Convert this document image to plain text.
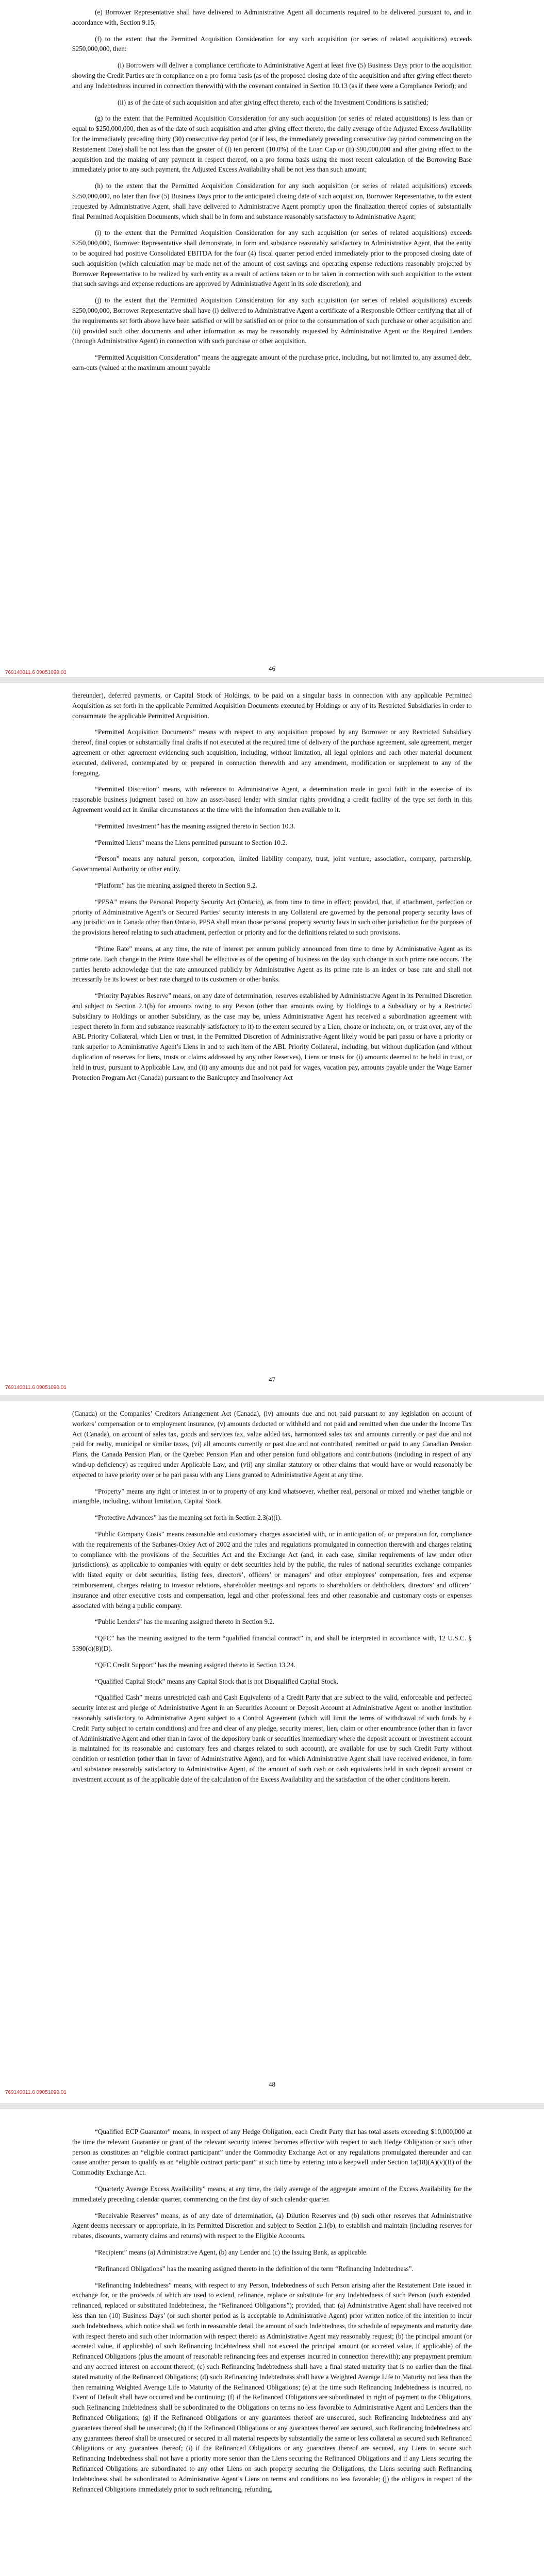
(e) Borrower Representative shall have delivered to Administrative Agent all documents required to be delivered pursuant to, and in accordance with, Section 9.15;

(f) to the extent that the Permitted Acquisition Consideration for any such acquisition (or series of related acquisitions) exceeds $250,000,000, then:

(i) Borrowers will deliver a compliance certificate to Administrative Agent at least five (5) Business Days prior to the acquisition showing the Credit Parties are in compliance on a pro forma basis (as of the proposed closing date of the acquisition and after giving effect thereto and any Indebtedness incurred in connection therewith) with the covenant contained in Section 10.13 (as if there were a Compliance Period); and

(ii) as of the date of such acquisition and after giving effect thereto, each of the Investment Conditions is satisfied;

(g) to the extent that the Permitted Acquisition Consideration for any such acquisition (or series of related acquisitions) is less than or equal to $250,000,000, then as of the date of such acquisition and after giving effect thereto, the daily average of the Adjusted Excess Availability for the immediately preceding thirty (30) consecutive day period (or if less, the immediately preceding consecutive day period commencing on the Restatement Date) shall be not less than the greater of (i) ten percent (10.0%) of the Loan Cap or (ii) $90,000,000 and after giving effect to the acquisition and the making of any payment in respect thereof, on a pro forma basis using the most recent calculation of the Borrowing Base immediately prior to any such payment, the Adjusted Excess Availability shall be not less than such amount;

(h) to the extent that the Permitted Acquisition Consideration for any such acquisition (or series of related acquisitions) exceeds $250,000,000, no later than five (5) Business Days prior to the anticipated closing date of such acquisition, Borrower Representative, to the extent requested by Administrative Agent, shall have delivered to Administrative Agent promptly upon the finalization thereof copies of substantially final Permitted Acquisition Documents, which shall be in form and substance reasonably satisfactory to Administrative Agent;

(i) to the extent that the Permitted Acquisition Consideration for any such acquisition (or series of related acquisitions) exceeds $250,000,000, Borrower Representative shall demonstrate, in form and substance reasonably satisfactory to Administrative Agent, that the entity to be acquired had positive Consolidated EBITDA for the four (4) fiscal quarter period ended immediately prior to the proposed closing date of such acquisition (which calculation may be made net of the amount of cost savings and operating expense reductions reasonably projected by Borrower Representative to be realized by such entity as a result of actions taken or to be taken in connection with such acquisition to the extent that such savings and expense reductions are approved by Administrative Agent in its sole discretion); and

(j) to the extent that the Permitted Acquisition Consideration for any such acquisition (or series of related acquisitions) exceeds $250,000,000, Borrower Representative shall have (i) delivered to Administrative Agent a certificate of a Responsible Officer certifying that all of the requirements set forth above have been satisfied or will be satisfied on or prior to the consummation of such purchase or other acquisition and (ii) provided such other documents and other information as may be reasonably requested by Administrative Agent or the Required Lenders (through Administrative Agent) in connection with such purchase or other acquisition.

“Permitted Acquisition Consideration” means the aggregate amount of the purchase price, including, but not limited to, any assumed debt, earn-outs (valued at the maximum amount payable

46
769140011.6 09051090.01

thereunder), deferred payments, or Capital Stock of Holdings, to be paid on a singular basis in connection with any applicable Permitted Acquisition as set forth in the applicable Permitted Acquisition Documents executed by Holdings or any of its Restricted Subsidiaries in order to consummate the applicable Permitted Acquisition.

“Permitted Acquisition Documents” means with respect to any acquisition proposed by any Borrower or any Restricted Subsidiary thereof, final copies or substantially final drafts if not executed at the required time of delivery of the purchase agreement, sale agreement, merger agreement or other agreement evidencing such acquisition, including, without limitation, all legal opinions and each other material document executed, delivered, contemplated by or prepared in connection therewith and any amendment, modification or supplement to any of the foregoing.

“Permitted Discretion” means, with reference to Administrative Agent, a determination made in good faith in the exercise of its reasonable business judgment based on how an asset-based lender with similar rights providing a credit facility of the type set forth in this Agreement would act in similar circumstances at the time with the information then available to it.

“Permitted Investment” has the meaning assigned thereto in Section 10.3.

“Permitted Liens” means the Liens permitted pursuant to Section 10.2.

“Person” means any natural person, corporation, limited liability company, trust, joint venture, association, company, partnership, Governmental Authority or other entity.

“Platform” has the meaning assigned thereto in Section 9.2.

“PPSA” means the Personal Property Security Act (Ontario), as from time to time in effect; provided, that, if attachment, perfection or priority of Administrative Agent’s or Secured Parties’ security interests in any Collateral are governed by the personal property security laws of any jurisdiction in Canada other than Ontario, PPSA shall mean those personal property security laws in such other jurisdiction for the purposes of the provisions hereof relating to such attachment, perfection or priority and for the definitions related to such provisions.

“Prime Rate” means, at any time, the rate of interest per annum publicly announced from time to time by Administrative Agent as its prime rate. Each change in the Prime Rate shall be effective as of the opening of business on the day such change in such prime rate occurs. The parties hereto acknowledge that the rate announced publicly by Administrative Agent as its prime rate is an index or base rate and shall not necessarily be its lowest or best rate charged to its customers or other banks.

“Priority Payables Reserve” means, on any date of determination, reserves established by Administrative Agent in its Permitted Discretion and subject to Section 2.1(b) for amounts owing to any Person (other than amounts owing by Holdings to a Subsidiary or by a Restricted Subsidiary to Holdings or another Subsidiary, as the case may be, unless Administrative Agent has received a subordination agreement with respect thereto in form and substance reasonably satisfactory to it) to the extent secured by a Lien, choate or inchoate, on, or trust over, any of the ABL Priority Collateral, which Lien or trust, in the Permitted Discretion of Administrative Agent likely would be pari passu or have a priority or rank superior to Administrative Agent’s Liens in and to such item of the ABL Priority Collateral, including, but without duplication (and without duplication of reserves for liens, trusts or claims addressed by any other Reserves), Liens or trusts for (i) amounts deemed to be held in trust, or held in trust, pursuant to Applicable Law, and (ii) any amounts due and not paid for wages, vacation pay, amounts payable under the Wage Earner Protection Program Act (Canada) pursuant to the Bankruptcy and Insolvency Act

47
769140011.6 09051090.01

(Canada) or the Companies’ Creditors Arrangement Act (Canada), (iv) amounts due and not paid pursuant to any legislation on account of workers’ compensation or to employment insurance, (v) amounts deducted or withheld and not paid and remitted when due under the Income Tax Act (Canada), on account of sales tax, goods and services tax, value added tax, harmonized sales tax and amounts currently or past due and not paid for realty, municipal or similar taxes, (vi) all amounts currently or past due and not contributed, remitted or paid to any Canadian Pension Plans, the Canada Pension Plan, or the Quebec Pension Plan and other pension fund obligations and contributions (including in respect of any wind-up deficiency) as required under Applicable Law, and (vii) any similar statutory or other claims that would have or would reasonably be expected to have priority over or be pari passu with any Liens granted to Administrative Agent at any time.

“Property” means any right or interest in or to property of any kind whatsoever, whether real, personal or mixed and whether tangible or intangible, including, without limitation, Capital Stock.

“Protective Advances” has the meaning set forth in Section 2.3(a)(i).

“Public Company Costs” means reasonable and customary charges associated with, or in anticipation of, or preparation for, compliance with the requirements of the Sarbanes-Oxley Act of 2002 and the rules and regulations promulgated in connection therewith and charges relating to compliance with the provisions of the Securities Act and the Exchange Act (and, in each case, similar requirements of law under other jurisdictions), as applicable to companies with equity or debt securities held by the public, the rules of national securities exchange companies with listed equity or debt securities, listing fees, directors’, officers’ or managers’ and other employees’ compensation, fees and expense reimbursement, charges relating to investor relations, shareholder meetings and reports to shareholders or debtholders, directors’ and officers’ insurance and other executive costs and compensation, legal and other professional fees and other reasonable and customary costs or expenses associated with being a public company.

“Public Lenders” has the meaning assigned thereto in Section 9.2.

“QFC” has the meaning assigned to the term “qualified financial contract” in, and shall be interpreted in accordance with, 12 U.S.C. § 5390(c)(8)(D).

“QFC Credit Support” has the meaning assigned thereto in Section 13.24.

“Qualified Capital Stock” means any Capital Stock that is not Disqualified Capital Stock.

“Qualified Cash” means unrestricted cash and Cash Equivalents of a Credit Party that are subject to the valid, enforceable and perfected security interest and pledge of Administrative Agent in an Securities Account or Deposit Account at Administrative Agent or another institution reasonably satisfactory to Administrative Agent subject to a Control Agreement (which will limit the terms of withdrawal of such funds by a Credit Party subject to certain conditions) and free and clear of any pledge, security interest, lien, claim or other encumbrance (other than in favor of Administrative Agent and other than in favor of the depository bank or securities intermediary where the deposit account or investment account is maintained for its reasonable and customary fees and charges related to such account), are available for use by such Credit Party without condition or restriction (other than in favor of Administrative Agent), and for which Administrative Agent shall have received evidence, in form and substance reasonably satisfactory to Administrative Agent, of the amount of such cash or cash equivalents held in such deposit account or investment account as of the applicable date of the calculation of the Excess Availability and the satisfaction of the other conditions herein.

48
769140011.6 09051090.01

“Qualified ECP Guarantor” means, in respect of any Hedge Obligation, each Credit Party that has total assets exceeding $10,000,000 at the time the relevant Guarantee or grant of the relevant security interest becomes effective with respect to such Hedge Obligation or such other person as constitutes an “eligible contract participant” under the Commodity Exchange Act or any regulations promulgated thereunder and can cause another person to qualify as an “eligible contract participant” at such time by entering into a keepwell under Section 1a(18)(A)(v)(II) of the Commodity Exchange Act.

“Quarterly Average Excess Availability” means, at any time, the daily average of the aggregate amount of the Excess Availability for the immediately preceding calendar quarter, commencing on the first day of such calendar quarter.

“Receivable Reserves” means, as of any date of determination, (a) Dilution Reserves and (b) such other reserves that Administrative Agent deems necessary or appropriate, in its Permitted Discretion and subject to Section 2.1(b), to establish and maintain (including reserves for rebates, discounts, warranty claims and returns) with respect to the Eligible Accounts.

“Recipient” means (a) Administrative Agent, (b) any Lender and (c) the Issuing Bank, as applicable.

“Refinanced Obligations” has the meaning assigned thereto in the definition of the term “Refinancing Indebtedness”.

“Refinancing Indebtedness” means, with respect to any Person, Indebtedness of such Person arising after the Restatement Date issued in exchange for, or the proceeds of which are used to extend, refinance, replace or substitute for any Indebtedness of such Person (such extended, refinanced, replaced or substituted Indebtedness, the “Refinanced Obligations”); provided, that: (a) Administrative Agent shall have received not less than ten (10) Business Days’ (or such shorter period as is acceptable to Administrative Agent) prior written notice of the intention to incur such Indebtedness, which notice shall set forth in reasonable detail the amount of such Indebtedness, the schedule of repayments and maturity date with respect thereto and such other information with respect thereto as Administrative Agent may reasonably request; (b) the principal amount (or accreted value, if applicable) of such Refinancing Indebtedness shall not exceed the principal amount (or accreted value, if applicable) of the Refinanced Obligations (plus the amount of reasonable refinancing fees and expenses incurred in connection therewith); any prepayment premium and any accrued interest on account thereof; (c) such Refinancing Indebtedness shall have a final stated maturity that is no earlier than the final stated maturity of the Refinanced Obligations; (d) such Refinancing Indebtedness shall have a Weighted Average Life to Maturity not less than the then remaining Weighted Average Life to Maturity of the Refinanced Obligations; (e) at the time such Refinancing Indebtedness is incurred, no Event of Default shall have occurred and be continuing; (f) if the Refinanced Obligations are subordinated in right of payment to the Obligations, such Refinancing Indebtedness shall be subordinated to the Obligations on terms no less favorable to Administrative Agent and Lenders than the Refinanced Obligations; (g) if the Refinanced Obligations or any guarantees thereof are unsecured, such Refinancing Indebtedness and any guarantees thereof shall be unsecured; (h) if the Refinanced Obligations or any guarantees thereof are secured, such Refinancing Indebtedness and any guarantees thereof shall be unsecured or secured in all material respects by substantially the same or less collateral as secured such Refinanced Obligations or any guarantees thereof; (i) if the Refinanced Obligations or any guarantees thereof are secured, any Liens to secure such Refinancing Indebtedness shall not have a priority more senior than the Liens securing the Refinanced Obligations and if any Liens securing the Refinanced Obligations are subordinated to any other Liens on such property securing the Obligations, the Liens securing such Refinancing Indebtedness shall be subordinated to Administrative Agent’s Liens on terms and conditions no less favorable; (j) the obligors in respect of the Refinanced Obligations immediately prior to such refinancing, refunding,
